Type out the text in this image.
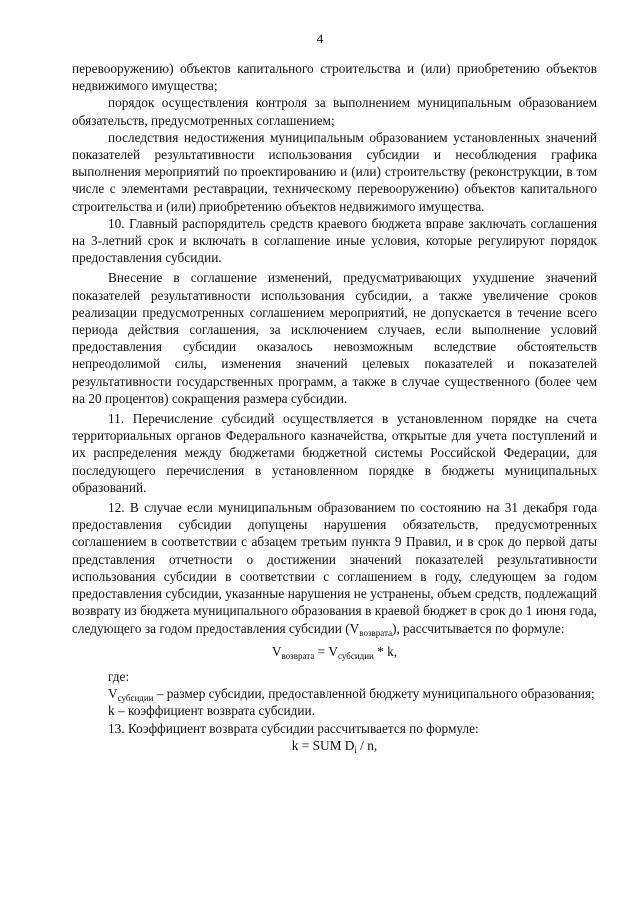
4

перевооружению) объектов капитального строительства и (или) приобретению объектов недвижимого имущества;

порядок осуществления контроля за выполнением муниципальным образованием обязательств, предусмотренных соглашением;

последствия недостижения муниципальным образованием установленных значений показателей результативности использования субсидии и несоблюдения графика выполнения мероприятий по проектированию и (или) строительству (реконструкции, в том числе с элементами реставрации, техническому перевооружению) объектов капитального строительства и (или) приобретению объектов недвижимого имущества.

10. Главный распорядитель средств краевого бюджета вправе заключать соглашения на 3-летний срок и включать в соглашение иные условия, которые регулируют порядок предоставления субсидии.

Внесение в соглашение изменений, предусматривающих ухудшение значений показателей результативности использования субсидии, а также увеличение сроков реализации предусмотренных соглашением мероприятий, не допускается в течение всего периода действия соглашения, за исключением случаев, если выполнение условий предоставления субсидии оказалось невозможным вследствие обстоятельств непреодолимой силы, изменения значений целевых показателей и показателей результативности государственных программ, а также в случае существенного (более чем на 20 процентов) сокращения размера субсидии.

11. Перечисление субсидий осуществляется в установленном порядке на счета территориальных органов Федерального казначейства, открытые для учета поступлений и их распределения между бюджетами бюджетной системы Российской Федерации, для последующего перечисления в установленном порядке в бюджеты муниципальных образований.

12. В случае если муниципальным образованием по состоянию на 31 декабря года предоставления субсидии допущены нарушения обязательств, предусмотренных соглашением в соответствии с абзацем третьим пункта 9 Правил, и в срок до первой даты представления отчетности о достижении значений показателей результативности использования субсидии в соответствии с соглашением в году, следующем за годом предоставления субсидии, указанные нарушения не устранены, объем средств, подлежащий возврату из бюджета муниципального образования в краевой бюджет в срок до 1 июня года, следующего за годом предоставления субсидии $(V_{возврата})$, рассчитывается по формуле:

$V_{возврата} = V_{субсидии} * k$,

где:

$V_{субсидии}$ – размер субсидии, предоставленной бюджету муниципального образования;

k – коэффициент возврата субсидии.

13. Коэффициент возврата субсидии рассчитывается по формуле:

k = SUM $D_i$ / n,
